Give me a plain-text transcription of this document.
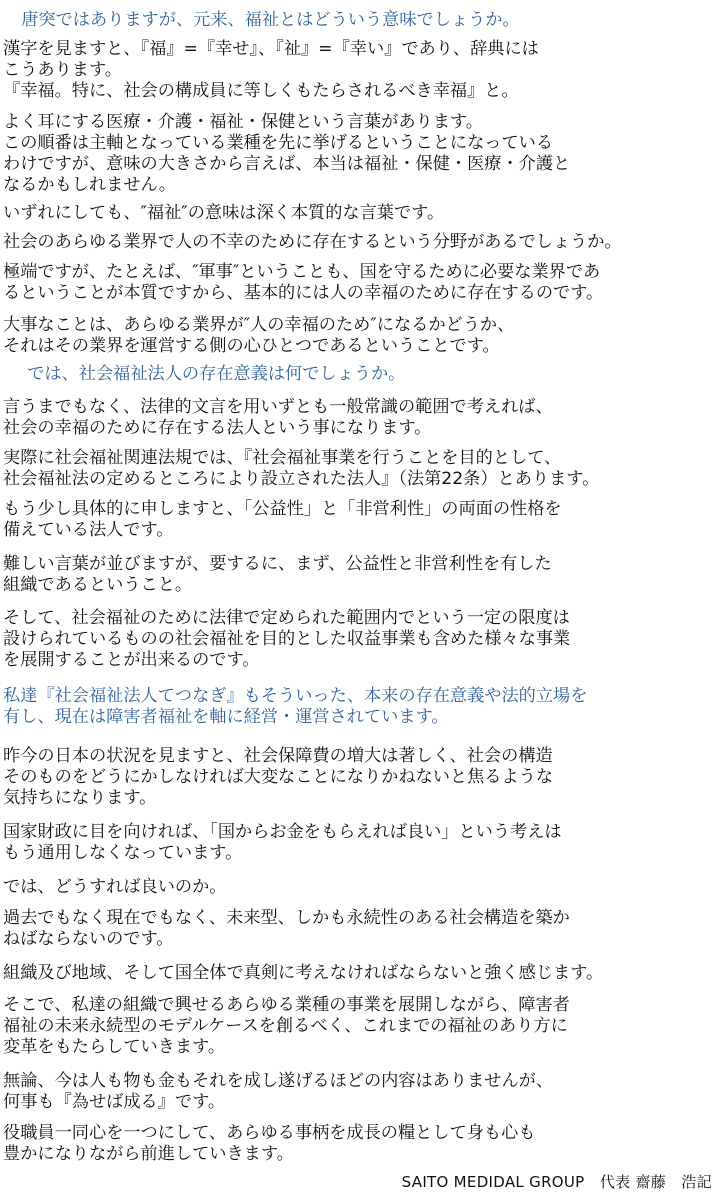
　唐突ではありますが、元来、福祉とはどういう意味でしょうか。

漢字を見ますと、『福』=『幸せ』、『祉』=『幸い』であり、辞典には
こうあります。
『幸福。特に、社会の構成員に等しくもたらされるべき幸福』と。

よく耳にする医療・介護・福祉・保健という言葉があります。
この順番は主軸となっている業種を先に挙げるということになっている
わけですが、意味の大きさから言えば、本当は福祉・保健・医療・介護と
なるかもしれません。

いずれにしても、″福祉″の意味は深く本質的な言葉です。

社会のあらゆる業界で人の不幸のために存在するという分野があるでしょうか。

極端ですが、たとえば、″軍事″ということも、国を守るために必要な業界であ
るということが本質ですから、基本的には人の幸福のために存在するのです。

大事なことは、あらゆる業界が″人の幸福のため″になるかどうか、
それはその業界を運営する側の心ひとつであるということです。

　では、社会福祉法人の存在意義は何でしょうか。

言うまでもなく、法律的文言を用いずとも一般常識の範囲で考えれば、
社会の幸福のために存在する法人という事になります。

実際に社会福祉関連法規では、『社会福祉事業を行うことを目的として、
社会福祉法の定めるところにより設立された法人』（法第22条）とあります。

もう少し具体的に申しますと、「公益性」と「非営利性」の両面の性格を
備えている法人です。

難しい言葉が並びますが、要するに、まず、公益性と非営利性を有した
組織であるということ。

そして、社会福祉のために法律で定められた範囲内でという一定の限度は
設けられているものの社会福祉を目的とした収益事業も含めた様々な事業
を展開することが出来るのです。

私達『社会福祉法人てつなぎ』もそういった、本来の存在意義や法的立場を
有し、現在は障害者福祉を軸に経営・運営されています。

昨今の日本の状況を見ますと、社会保障費の増大は著しく、社会の構造
そのものをどうにかしなければ大変なことになりかねないと焦るような
気持ちになります。

国家財政に目を向ければ、「国からお金をもらえれば良い」という考えは
もう通用しなくなっています。

では、どうすれば良いのか。

過去でもなく現在でもなく、未来型、しかも永続性のある社会構造を築か
ねばならないのです。

組織及び地域、そして国全体で真剣に考えなければならないと強く感じます。

そこで、私達の組織で興せるあらゆる業種の事業を展開しながら、障害者
福祉の未来永続型のモデルケースを創るべく、これまでの福祉のあり方に
変革をもたらしていきます。

無論、今は人も物も金もそれを成し遂げるほどの内容はありませんが、
何事も『為せば成る』です。

役職員一同心を一つにして、あらゆる事柄を成長の糧として身も心も
豊かになりながら前進していきます。

SAITO MEDIDAL GROUP　代表 齋藤　浩記
